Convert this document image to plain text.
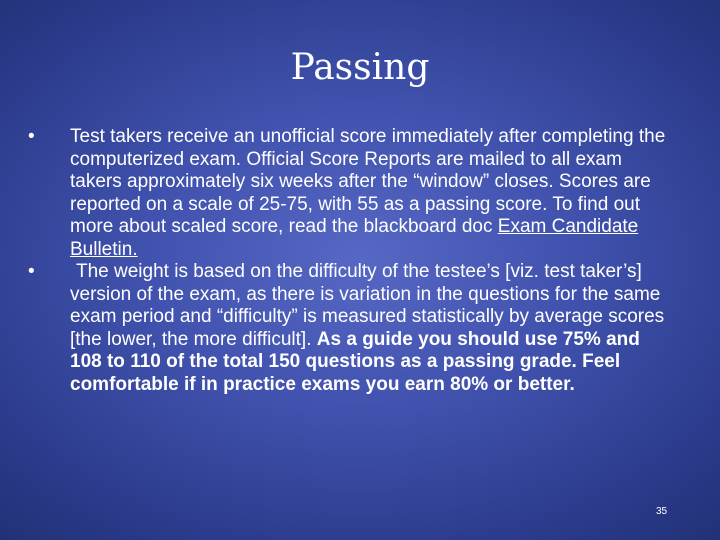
Passing
•	Test takers receive an unofficial score immediately after completing the computerized exam. Official Score Reports are mailed to all exam takers approximately six weeks after the “window” closes. Scores are reported on a scale of 25-75, with 55 as a passing score. To find out more about scaled score, read the blackboard doc Exam Candidate Bulletin.
•	The weight is based on the difficulty of the testee’s [viz. test taker’s] version of the exam, as there is variation in the questions for the same exam period and “difficulty” is measured statistically by average scores [the lower, the more difficult]. As a guide you should use 75% and 108 to 110 of the total 150 questions as a passing grade. Feel comfortable if in practice exams you earn 80% or better.
35
